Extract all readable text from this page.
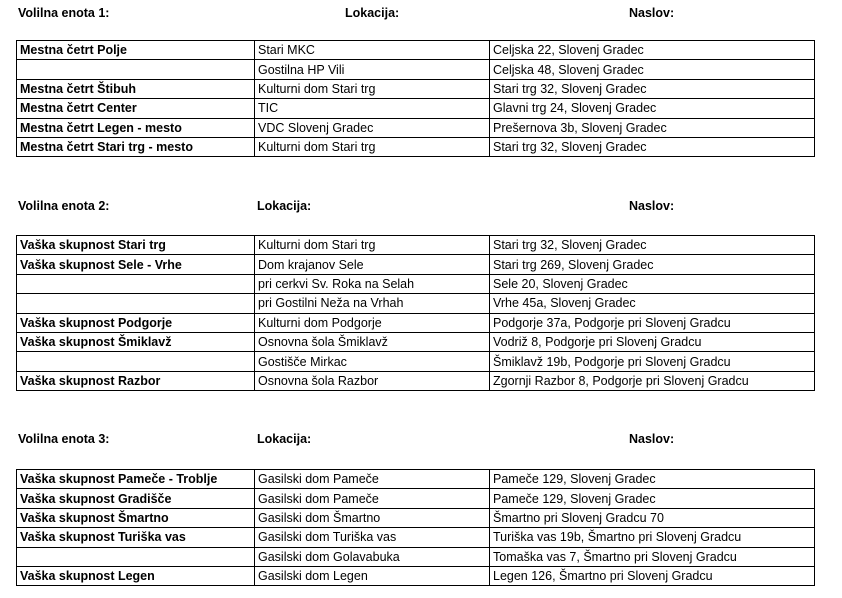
Volilna enota 1:	Lokacija:	Naslov:
Mestna četrt Polje	Stari MKC	Celjska 22, Slovenj Gradec
	Gostilna HP Vili	Celjska 48, Slovenj Gradec
Mestna četrt Štibuh	Kulturni dom Stari trg	Stari trg 32, Slovenj Gradec
Mestna četrt Center	TIC	Glavni trg 24, Slovenj Gradec
Mestna četrt Legen - mesto	VDC Slovenj Gradec	Prešernova 3b, Slovenj Gradec
Mestna četrt Stari trg - mesto	Kulturni dom Stari trg	Stari trg 32, Slovenj Gradec
Volilna enota 2:	Lokacija:	Naslov:
Vaška skupnost Stari trg	Kulturni dom Stari trg	Stari trg 32, Slovenj Gradec
Vaška skupnost Sele - Vrhe	Dom krajanov Sele	Stari trg 269, Slovenj Gradec
	pri cerkvi Sv. Roka na Selah	Sele 20, Slovenj Gradec
	pri Gostilni Neža na Vrhah	Vrhe 45a, Slovenj Gradec
Vaška skupnost Podgorje	Kulturni dom Podgorje	Podgorje 37a, Podgorje pri Slovenj Gradcu
Vaška skupnost Šmiklavž	Osnovna šola Šmiklavž	Vodriž 8, Podgorje pri Slovenj Gradcu
	Gostišče Mirkac	Šmiklavž 19b, Podgorje pri Slovenj Gradcu
Vaška skupnost Razbor	Osnovna šola Razbor	Zgornji Razbor 8, Podgorje pri Slovenj Gradcu
Volilna enota 3:	Lokacija:	Naslov:
Vaška skupnost Pameče - Troblje	Gasilski dom Pameče	Pameče 129, Slovenj Gradec
Vaška skupnost Gradišče	Gasilski dom Pameče	Pameče 129, Slovenj Gradec
Vaška skupnost Šmartno	Gasilski dom Šmartno	Šmartno pri Slovenj Gradcu 70
Vaška skupnost Turiška vas	Gasilski dom Turiška vas	Turiška vas 19b, Šmartno pri Slovenj Gradcu
	Gasilski dom Golavabuka	Tomaška vas 7, Šmartno pri Slovenj Gradcu
Vaška skupnost Legen	Gasilski dom Legen	Legen 126, Šmartno pri Slovenj Gradcu
